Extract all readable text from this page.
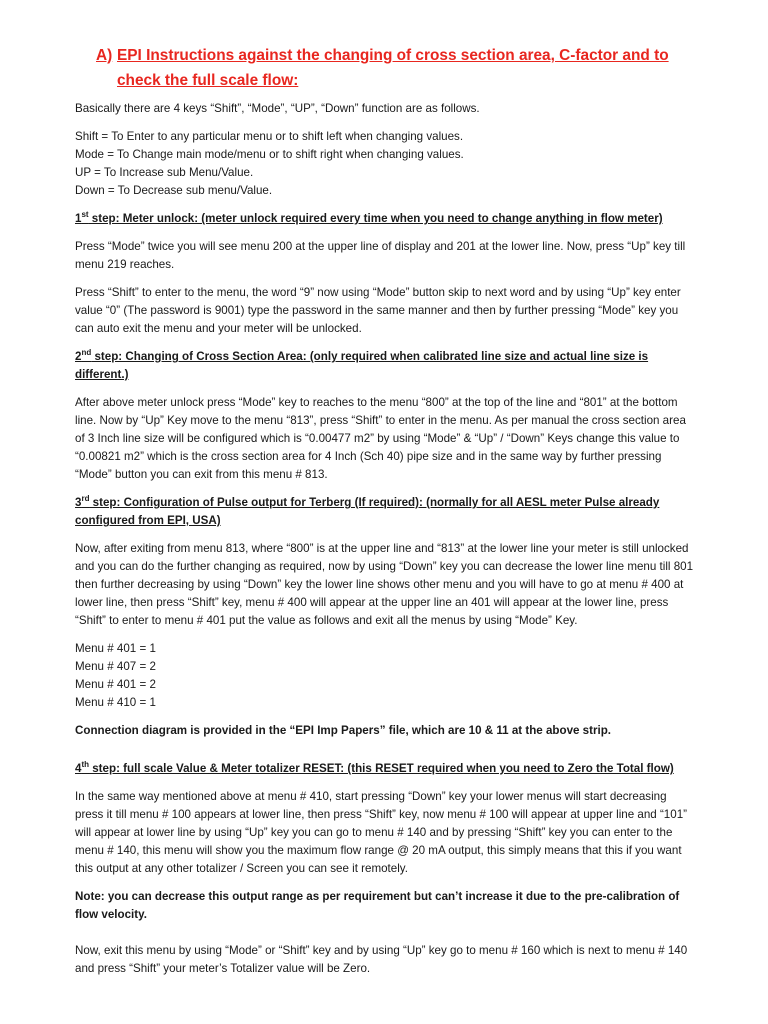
A) EPI Instructions against the changing of cross section area, C-factor and to check the full scale flow:

Basically there are 4 keys “Shift”, “Mode”, “UP”, “Down” function are as follows.

Shift = To Enter to any particular menu or to shift left when changing values.

Mode = To Change main mode/menu or to shift right when changing values.

UP = To Increase sub Menu/Value.

Down = To Decrease sub menu/Value.

1st step: Meter unlock: (meter unlock required every time when you need to change anything in flow meter)

Press “Mode” twice you will see menu 200 at the upper line of display and 201 at the lower line. Now, press “Up” key till menu 219 reaches.

Press “Shift” to enter to the menu, the word “9” now using “Mode” button skip to next word and by using “Up” key enter value “0” (The password is 9001) type the password in the same manner and then by further pressing “Mode” key you can auto exit the menu and your meter will be unlocked.

2nd step: Changing of Cross Section Area: (only required when calibrated line size and actual line size is different.)

After above meter unlock press “Mode” key to reaches to the menu “800” at the top of the line and “801” at the bottom line. Now by “Up” Key move to the menu “813”, press “Shift” to enter in the menu. As per manual the cross section area of 3 Inch line size will be configured which is “0.00477 m2” by using “Mode” & “Up” / “Down” Keys change this value to “0.00821 m2” which is the cross section area for 4 Inch (Sch 40) pipe size and in the same way by further pressing “Mode” button you can exit from this menu # 813.

3rd step: Configuration of Pulse output for Terberg (If required): (normally for all AESL meter Pulse already configured from EPI, USA)

Now, after exiting from menu 813, where “800” is at the upper line and “813” at the lower line your meter is still unlocked and you can do the further changing as required, now by using “Down” key you can decrease the lower line menu till 801 then further decreasing by using “Down” key the lower line shows other menu and you will have to go at menu # 400 at lower line, then press “Shift” key, menu # 400 will appear at the upper line an 401 will appear at the lower line, press “Shift” to enter to menu # 401 put the value as follows and exit all the menus by using “Mode” Key.

Menu # 401 = 1

Menu # 407 = 2

Menu # 401 = 2

Menu # 410 = 1

Connection diagram is provided in the “EPI Imp Papers” file, which are 10 & 11 at the above strip.

4th step: full scale Value & Meter totalizer RESET: (this RESET required when you need to Zero the Total flow)

In the same way mentioned above at menu # 410, start pressing “Down” key your lower menus will start decreasing press it till menu # 100 appears at lower line, then press “Shift” key, now menu # 100 will appear at upper line and “101” will appear at lower line by using “Up” key you can go to menu # 140 and by pressing “Shift” key you can enter to the menu # 140, this menu will show you the maximum flow range @ 20 mA output, this simply means that this if you want this output at any other totalizer / Screen you can see it remotely.

Note: you can decrease this output range as per requirement but can’t increase it due to the pre-calibration of flow velocity.

Now, exit this menu by using “Mode” or “Shift” key and by using “Up” key go to menu # 160 which is next to menu # 140 and press “Shift” your meter’s Totalizer value will be Zero.
